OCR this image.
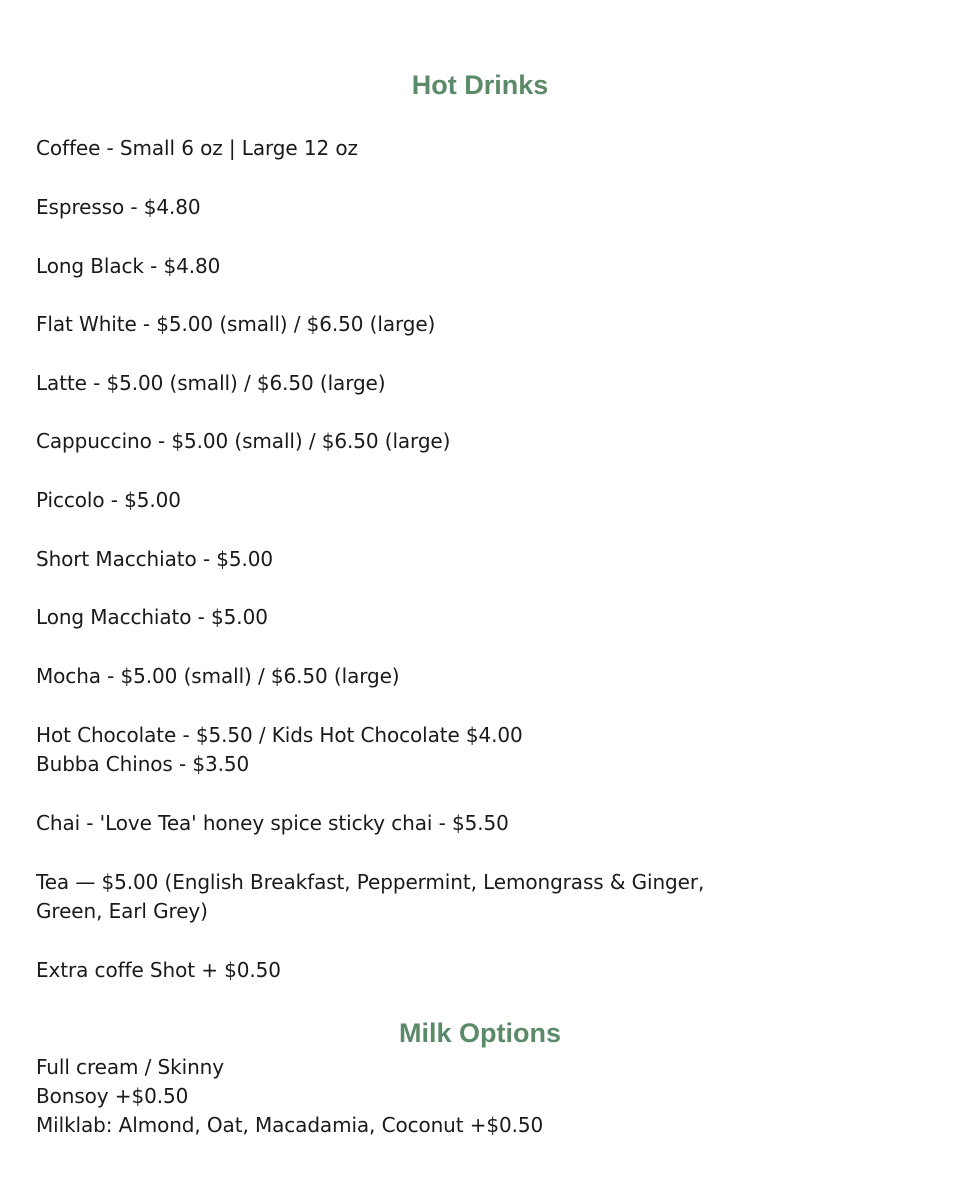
Hot Drinks
Coffee - Small 6 oz | Large 12 oz
Espresso - $4.80
Long Black - $4.80
Flat White - $5.00 (small) / $6.50 (large)
Latte - $5.00 (small) / $6.50 (large)
Cappuccino - $5.00 (small) / $6.50 (large)
Piccolo - $5.00
Short Macchiato - $5.00
Long Macchiato - $5.00
Mocha - $5.00 (small) / $6.50 (large)
Hot Chocolate - $5.50 / Kids Hot Chocolate $4.00
Bubba Chinos - $3.50
Chai - 'Love Tea' honey spice sticky chai - $5.50
Tea — $5.00 (English Breakfast, Peppermint, Lemongrass & Ginger,
Green, Earl Grey)
Extra coffe Shot + $0.50
Milk Options
Full cream / Skinny
Bonsoy +$0.50
Milklab: Almond, Oat, Macadamia, Coconut +$0.50
